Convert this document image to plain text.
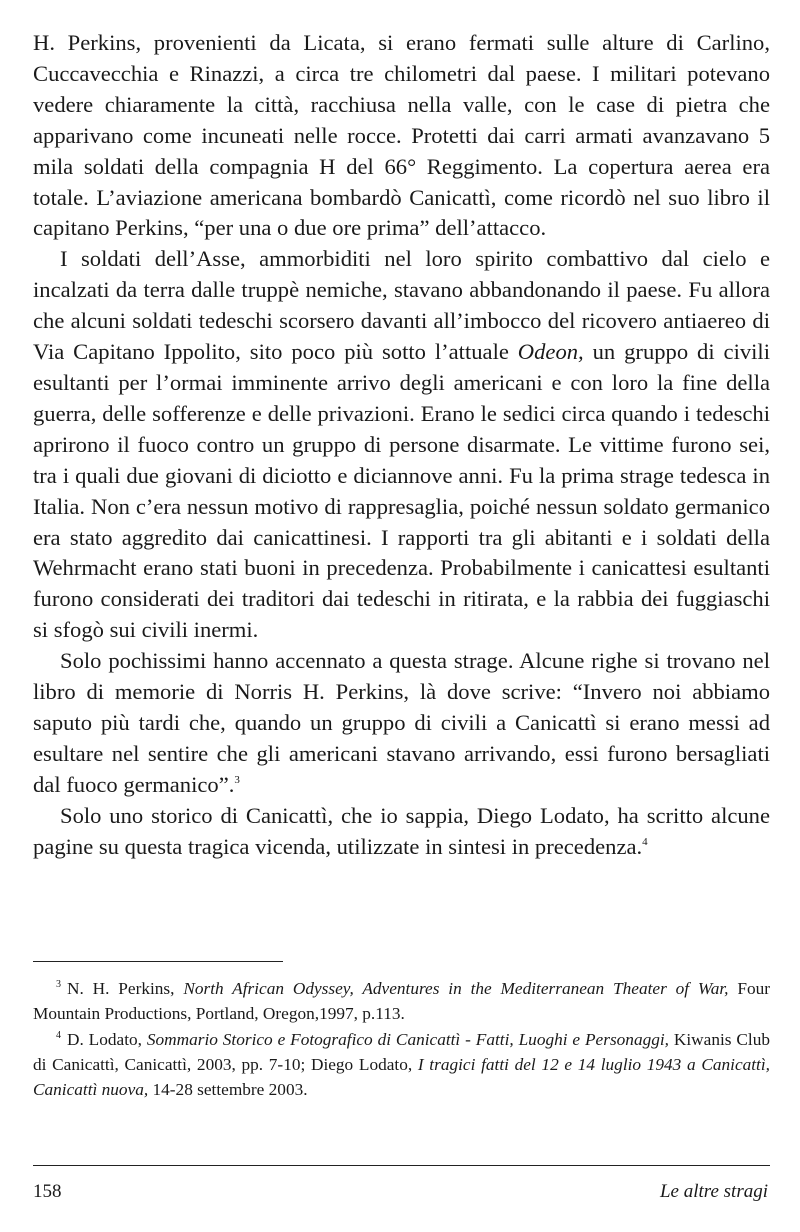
H. Perkins, provenienti da Licata, si erano fermati sulle alture di Carlino, Cuccavecchia e Rinazzi, a circa tre chilometri dal paese. I militari potevano vedere chiaramente la città, racchiusa nella valle, con le case di pietra che apparivano come incuneati nelle rocce. Protetti dai carri armati avanzavano 5 mila soldati della compagnia H del 66° Reggimento. La copertura aerea era totale. L’aviazione americana bombardò Canicattì, come ricordò nel suo libro il capitano Perkins, “per una o due ore prima” dell’attacco.

I soldati dell’Asse, ammorbiditi nel loro spirito combattivo dal cielo e incalzati da terra dalle truppè nemiche, stavano abbandonando il paese. Fu allora che alcuni soldati tedeschi scorsero davanti all’imbocco del ricovero antiaereo di Via Capitano Ippolito, sito poco più sotto l’attuale Odeon, un gruppo di civili esultanti per l’ormai imminente arrivo degli americani e con loro la fine della guerra, delle sofferenze e delle privazioni. Erano le sedici circa quando i tedeschi aprirono il fuoco contro un gruppo di persone disarmate. Le vittime furono sei, tra i quali due giovani di diciotto e diciannove anni. Fu la prima strage tedesca in Italia. Non c’era nessun motivo di rappresaglia, poiché nessun soldato germanico era stato aggredito dai canicattinesi. I rapporti tra gli abitanti e i soldati della Wehrmacht erano stati buoni in precedenza. Probabilmente i canicattesi esultanti furono considerati dei traditori dai tedeschi in ritirata, e la rabbia dei fuggiaschi si sfogò sui civili inermi.

Solo pochissimi hanno accennato a questa strage. Alcune righe si trovano nel libro di memorie di Norris H. Perkins, là dove scrive: “Invero noi abbiamo saputo più tardi che, quando un gruppo di civili a Canicattì si erano messi ad esultare nel sentire che gli americani stavano arrivando, essi furono bersagliati dal fuoco germanico”.$^3$

Solo uno storico di Canicattì, che io sappia, Diego Lodato, ha scritto alcune pagine su questa tragica vicenda, utilizzate in sintesi in precedenza.$^4$

$^3$ N. H. Perkins, North African Odyssey, Adventures in the Mediterranean Theater of War, Four Mountain Productions, Portland, Oregon,1997, p.113.

$^4$ D. Lodato, Sommario Storico e Fotografico di Canicattì - Fatti, Luoghi e Personaggi, Kiwanis Club di Canicattì, Canicattì, 2003, pp. 7-10; Diego Lodato, I tragici fatti del 12 e 14 luglio 1943 a Canicattì, Canicattì nuova, 14-28 settembre 2003.

158	Le altre stragi
